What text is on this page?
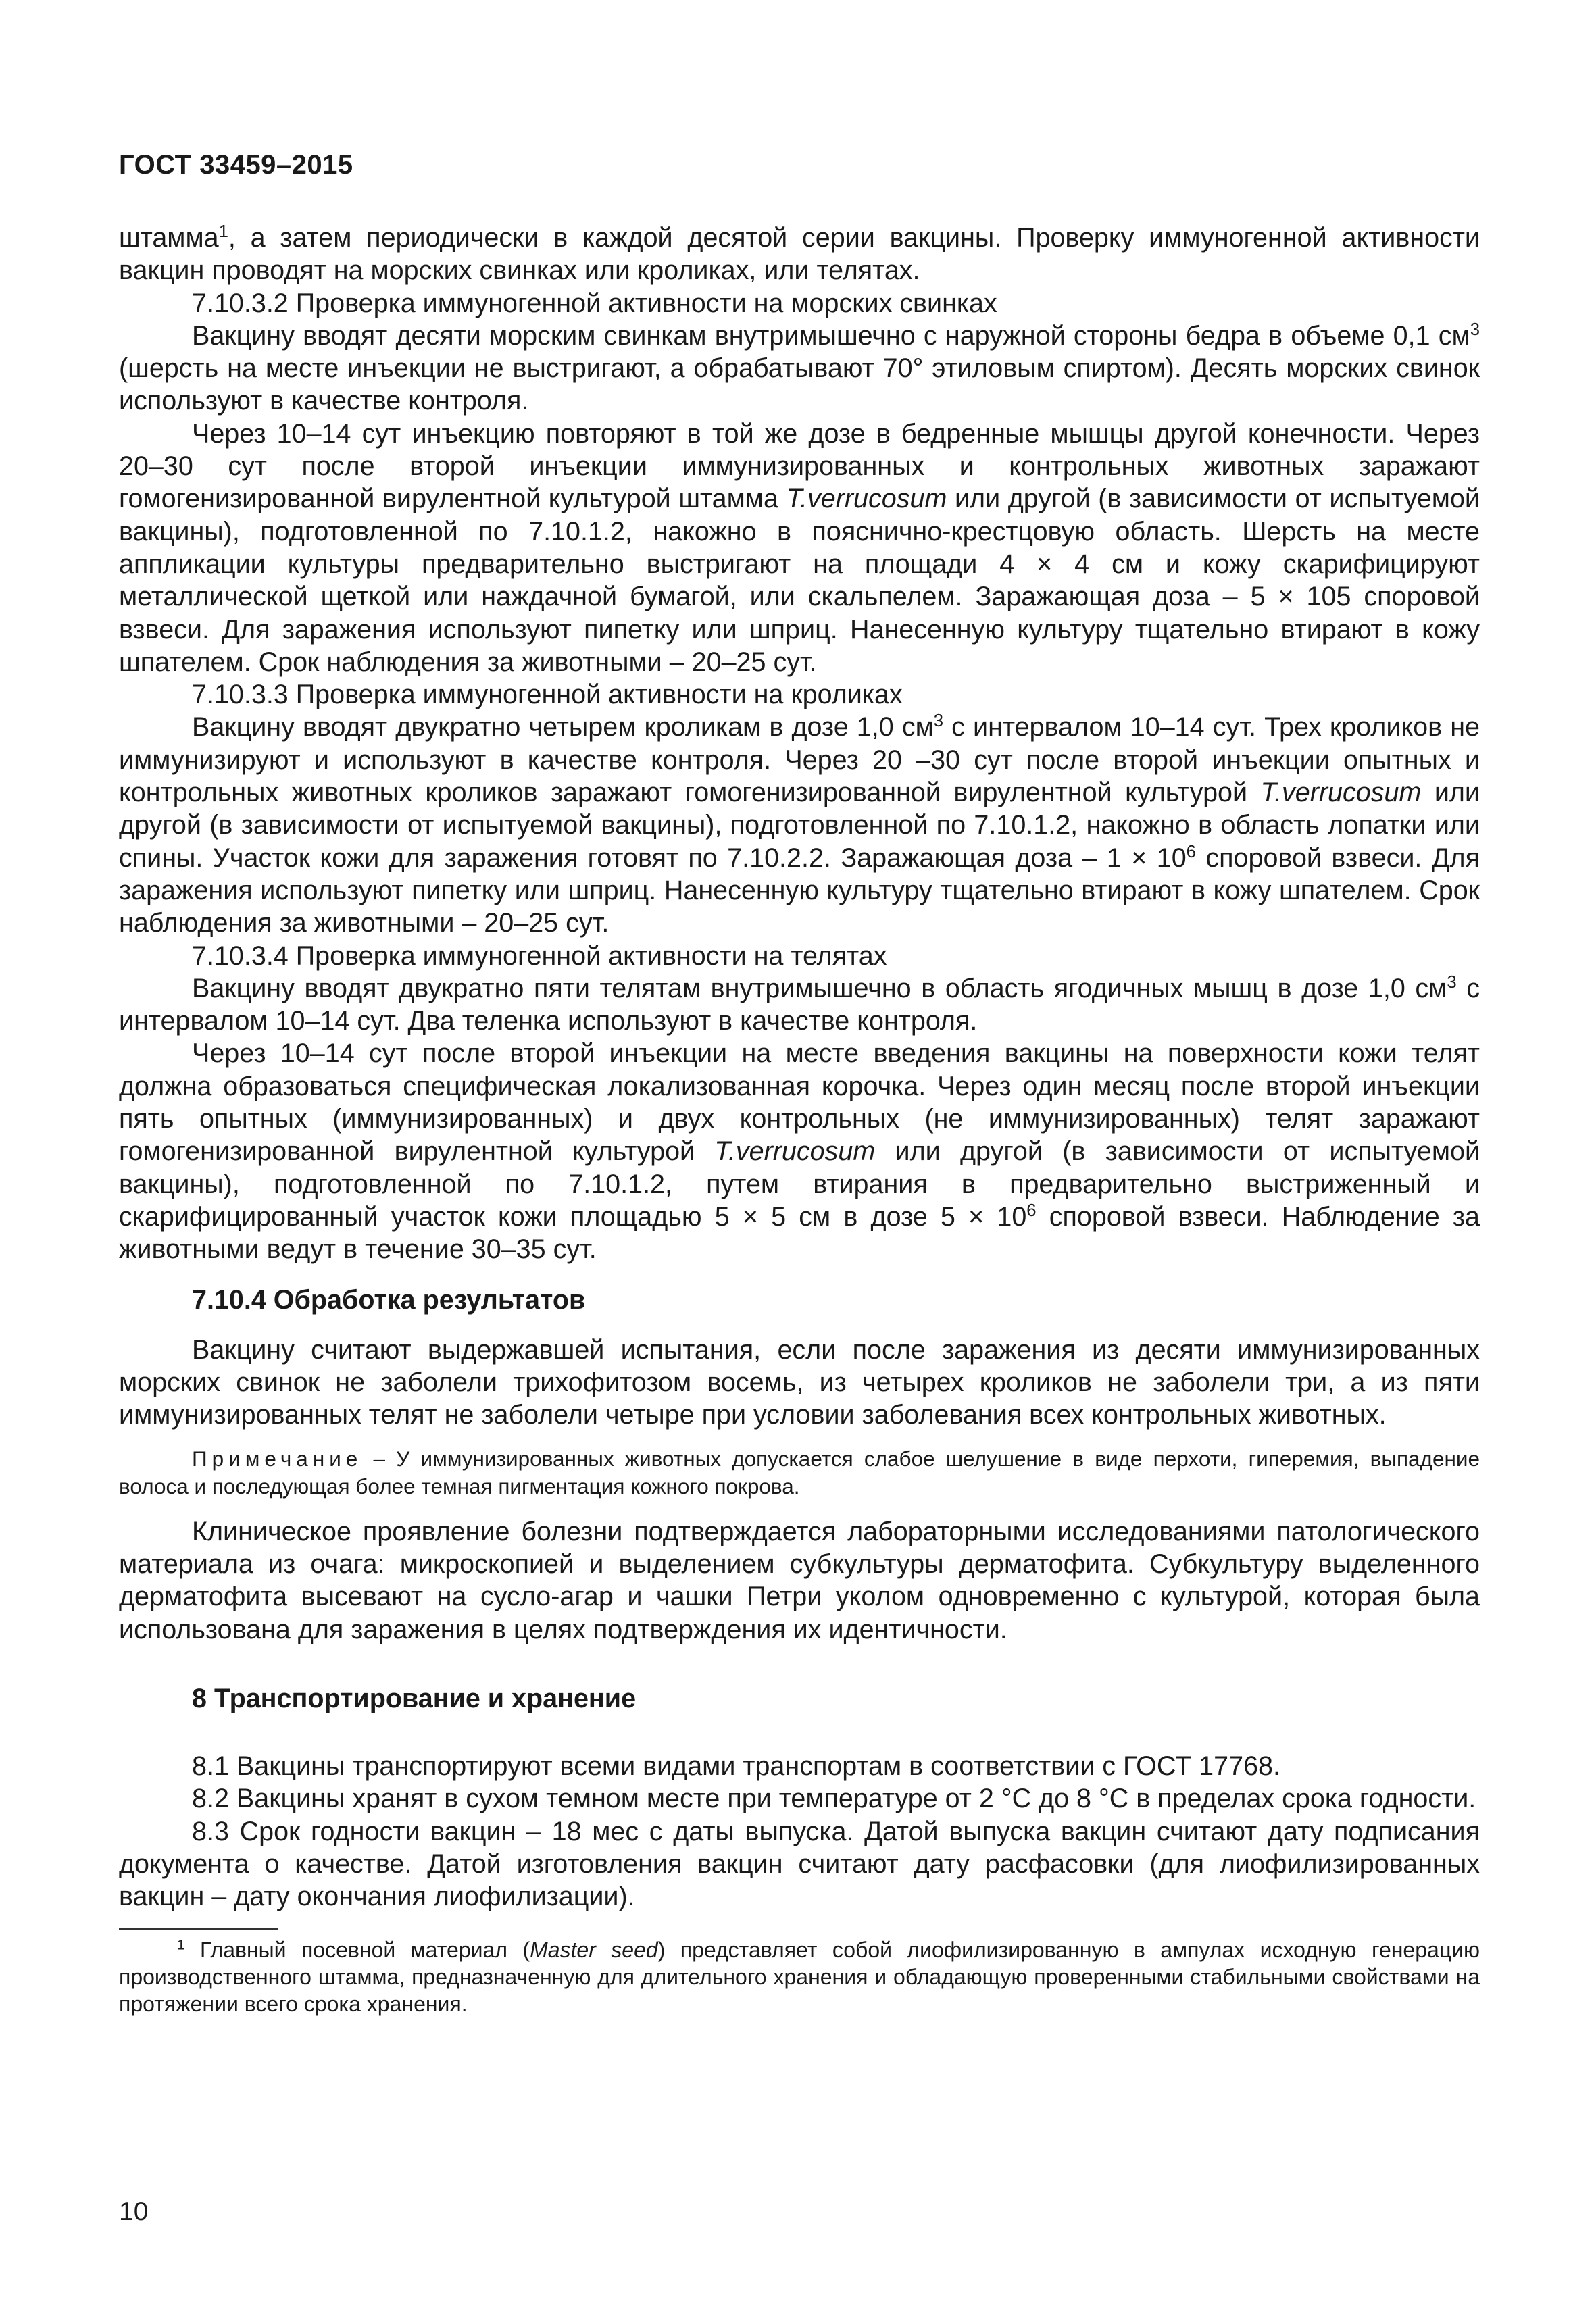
ГОСТ 33459–2015

штамма$^1$, а затем периодически в каждой десятой серии вакцины. Проверку иммуногенной активности вакцин проводят на морских свинках или кроликах, или телятах.

7.10.3.2 Проверка иммуногенной активности на морских свинках

Вакцину вводят десяти морским свинкам внутримышечно с наружной стороны бедра в объеме 0,1 $см^3$ (шерсть на месте инъекции не выстригают, а обрабатывают 70° этиловым спиртом). Десять морских свинок используют в качестве контроля.

Через 10–14 сут инъекцию повторяют в той же дозе в бедренные мышцы другой конечности. Через 20–30 сут после второй инъекции иммунизированных и контрольных животных заражают гомогенизированной вирулентной культурой штамма T.verrucosum или другой (в зависимости от испытуемой вакцины), подготовленной по 7.10.1.2, накожно в пояснично-крестцовую область. Шерсть на месте аппликации культуры предварительно выстригают на площади 4 × 4 см и кожу скарифицируют металлической щеткой или наждачной бумагой, или скальпелем. Заражающая доза – 5 × 105 споровой взвеси. Для заражения используют пипетку или шприц. Нанесенную культуру тщательно втирают в кожу шпателем. Срок наблюдения за животными – 20–25 сут.

7.10.3.3 Проверка иммуногенной активности на кроликах

Вакцину вводят двукратно четырем кроликам в дозе 1,0 $см^3$ с интервалом 10–14 сут. Трех кроликов не иммунизируют и используют в качестве контроля. Через 20 –30 сут после второй инъекции опытных и контрольных животных кроликов заражают гомогенизированной вирулентной культурой T.verrucosum или другой (в зависимости от испытуемой вакцины), подготовленной по 7.10.1.2, накожно в область лопатки или спины. Участок кожи для заражения готовят по 7.10.2.2. Заражающая доза – $1 \times 10^6$ споровой взвеси. Для заражения используют пипетку или шприц. Нанесенную культуру тщательно втирают в кожу шпателем. Срок наблюдения за животными – 20–25 сут.

7.10.3.4 Проверка иммуногенной активности на телятах

Вакцину вводят двукратно пяти телятам внутримышечно в область ягодичных мышц в дозе 1,0 $см^3$ с интервалом 10–14 сут. Два теленка используют в качестве контроля.

Через 10–14 сут после второй инъекции на месте введения вакцины на поверхности кожи телят должна образоваться специфическая локализованная корочка. Через один месяц после второй инъекции пять опытных (иммунизированных) и двух контрольных (не иммунизированных) телят заражают гомогенизированной вирулентной культурой T.verrucosum или другой (в зависимости от испытуемой вакцины), подготовленной по 7.10.1.2, путем втирания в предварительно выстриженный и скарифицированный участок кожи площадью 5 × 5 см в дозе $5 \times 10^6$ споровой взвеси. Наблюдение за животными ведут в течение 30–35 сут.

7.10.4 Обработка результатов

Вакцину считают выдержавшей испытания, если после заражения из десяти иммунизированных морских свинок не заболели трихофитозом восемь, из четырех кроликов не заболели три, а из пяти иммунизированных телят не заболели четыре при условии заболевания всех контрольных животных.

Примечание – У иммунизированных животных допускается слабое шелушение в виде перхоти, гиперемия, выпадение волоса и последующая более темная пигментация кожного покрова.

Клиническое проявление болезни подтверждается лабораторными исследованиями патологического материала из очага: микроскопией и выделением субкультуры дерматофита. Субкультуру выделенного дерматофита высевают на сусло-агар и чашки Петри уколом одновременно с культурой, которая была использована для заражения в целях подтверждения их идентичности.

8 Транспортирование и хранение

8.1 Вакцины транспортируют всеми видами транспортам в соответствии с ГОСТ 17768.

8.2 Вакцины хранят в сухом темном месте при температуре от 2 °С до 8 °С в пределах срока годности.

8.3 Срок годности вакцин – 18 мес с даты выпуска. Датой выпуска вакцин считают дату подписания документа о качестве. Датой изготовления вакцин считают дату расфасовки (для лиофилизированных вакцин – дату окончания лиофилизации).

$^1$ Главный посевной материал (Master seed) представляет собой лиофилизированную в ампулах исходную генерацию производственного штамма, предназначенную для длительного хранения и обладающую проверенными стабильными свойствами на протяжении всего срока хранения.

10
